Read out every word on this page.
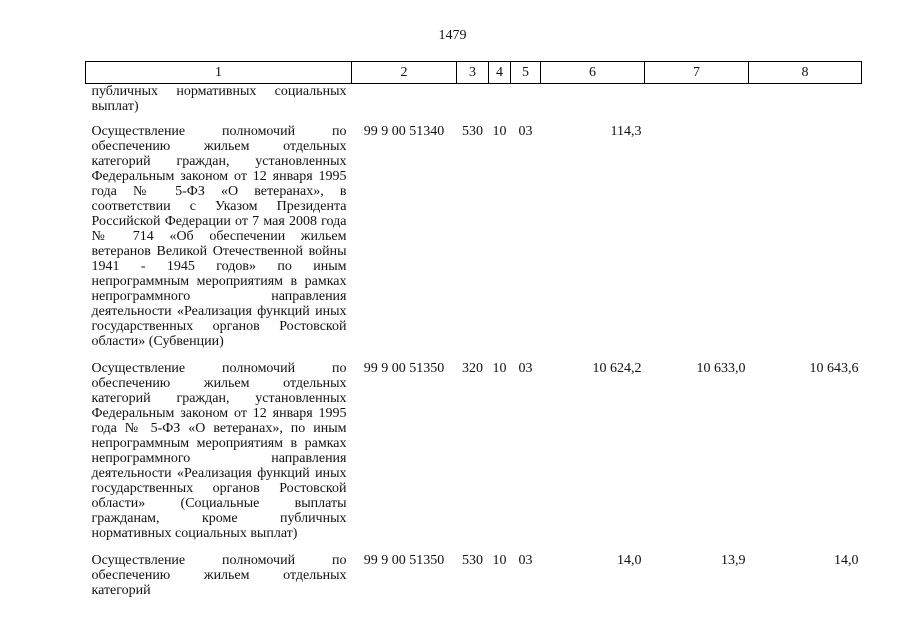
1479
1	2	3	4	5	6	7	8
публичных нормативных социальных выплат)							
Осуществление полномочий по обеспечению жильем отдельных категорий граждан, установленных Федеральным законом от 12 января 1995 года № 5-ФЗ «О ветеранах», в соответствии с Указом Президента Российской Федерации от 7 мая 2008 года № 714 «Об обеспечении жильем ветеранов Великой Отечественной войны 1941 - 1945 годов» по иным непрограммным мероприятиям в рамках непрограммного направления деятельности «Реализация функций иных государственных органов Ростовской области» (Субвенции)	99 9 00 51340	530	10	03	114,3		
Осуществление полномочий по обеспечению жильем отдельных категорий граждан, установленных Федеральным законом от 12 января 1995 года № 5-ФЗ «О ветеранах», по иным непрограммным мероприятиям в рамках непрограммного направления деятельности «Реализация функций иных государственных органов Ростовской области» (Социальные выплаты гражданам, кроме публичных нормативных социальных выплат)	99 9 00 51350	320	10	03	10 624,2	10 633,0	10 643,6
Осуществление полномочий по обеспечению жильем отдельных категорий	99 9 00 51350	530	10	03	14,0	13,9	14,0
